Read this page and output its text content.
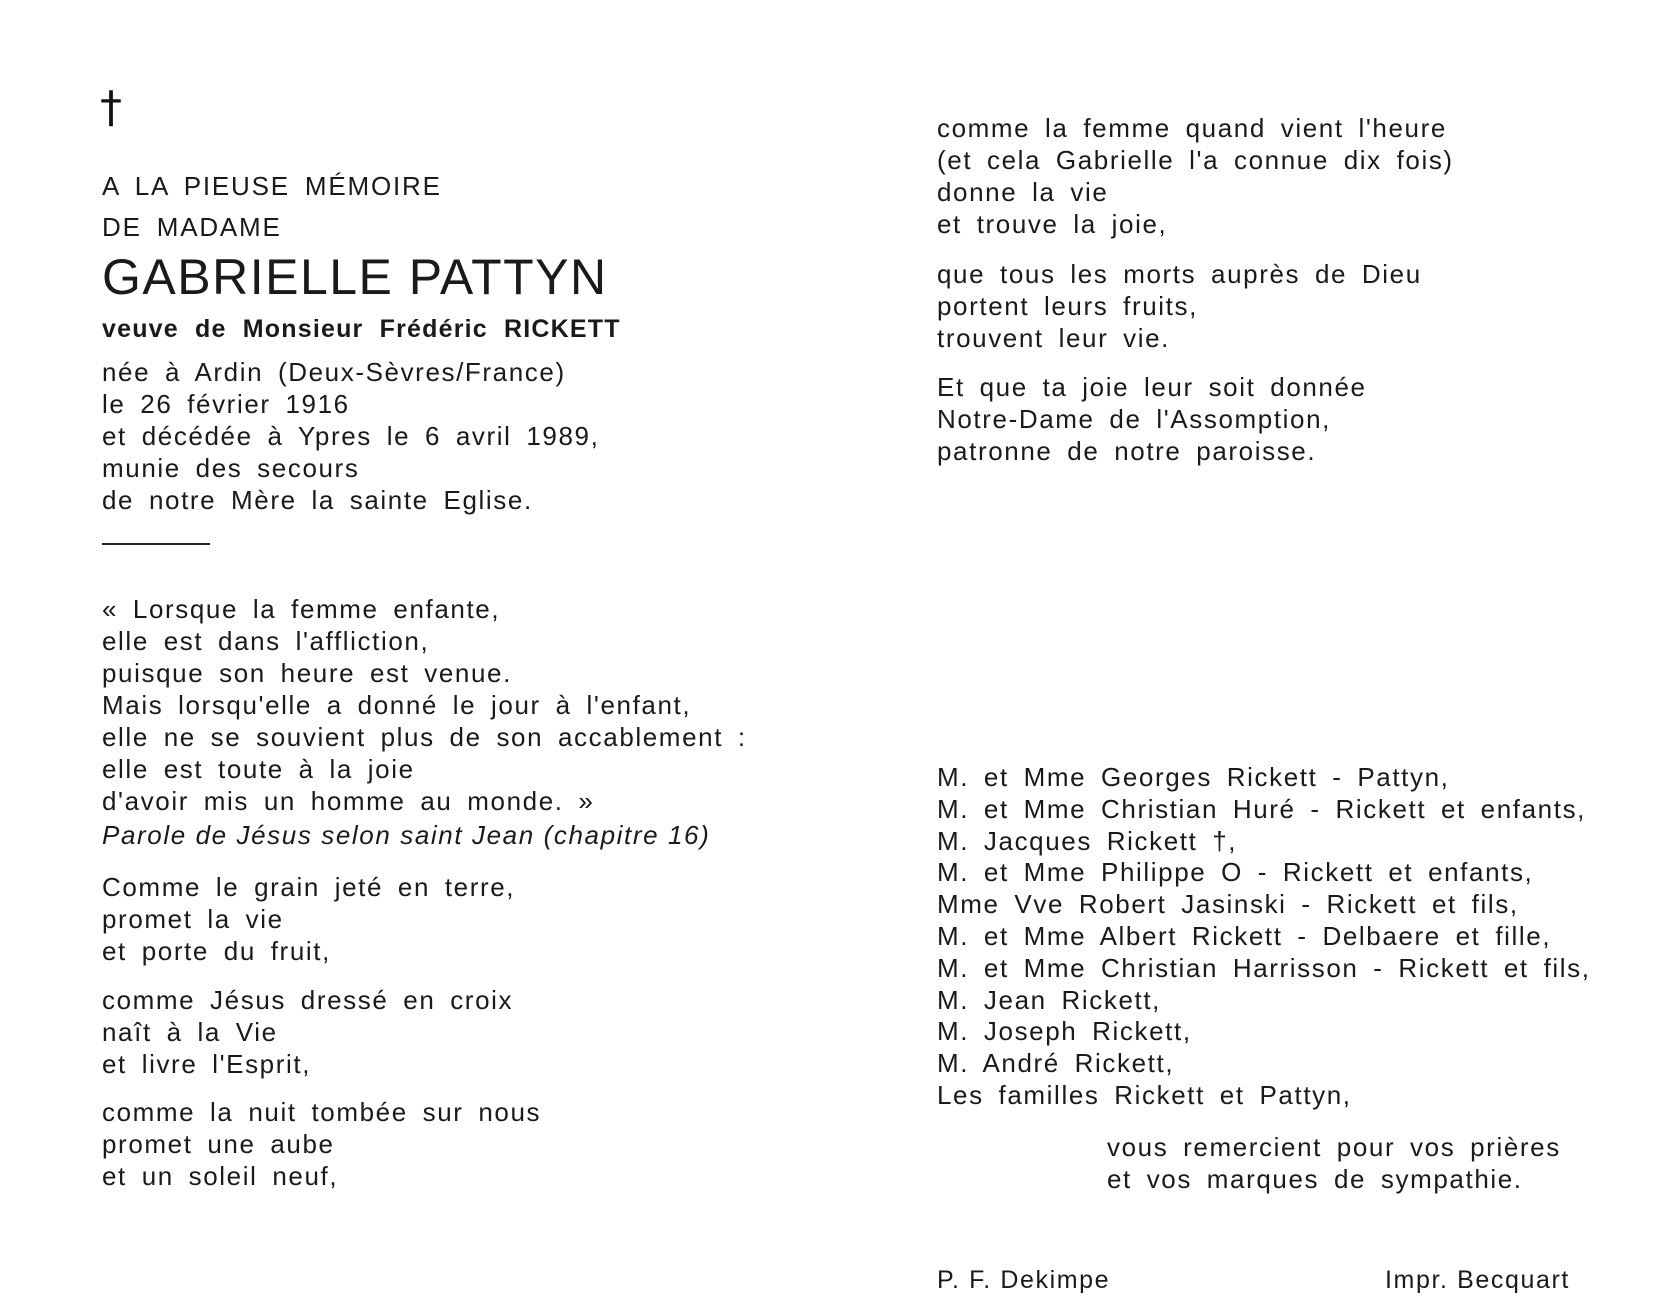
†
A LA PIEUSE MÉMOIRE
DE MADAME
GABRIELLE PATTYN
veuve de Monsieur Frédéric RICKETT
née à Ardin (Deux-Sèvres/France)
le 26 février 1916
et décédée à Ypres le 6 avril 1989,
munie des secours
de notre Mère la sainte Eglise.
« Lorsque la femme enfante,
elle est dans l'affliction,
puisque son heure est venue.
Mais lorsqu'elle a donné le jour à l'enfant,
elle ne se souvient plus de son accablement :
elle est toute à la joie
d'avoir mis un homme au monde. »
Parole de Jésus selon saint Jean (chapitre 16)
Comme le grain jeté en terre,
promet la vie
et porte du fruit,
comme Jésus dressé en croix
naît à la Vie
et livre l'Esprit,
comme la nuit tombée sur nous
promet une aube
et un soleil neuf,
comme la femme quand vient l'heure
(et cela Gabrielle l'a connue dix fois)
donne la vie
et trouve la joie,
que tous les morts auprès de Dieu
portent leurs fruits,
trouvent leur vie.
Et que ta joie leur soit donnée
Notre-Dame de l'Assomption,
patronne de notre paroisse.
M. et Mme Georges Rickett - Pattyn,
M. et Mme Christian Huré - Rickett et enfants,
M. Jacques Rickett †,
M. et Mme Philippe O - Rickett et enfants,
Mme Vve Robert Jasinski - Rickett et fils,
M. et Mme Albert Rickett - Delbaere et fille,
M. et Mme Christian Harrisson - Rickett et fils,
M. Jean Rickett,
M. Joseph Rickett,
M. André Rickett,
Les familles Rickett et Pattyn,
vous remercient pour vos prières
et vos marques de sympathie.
P. F. Dekimpe	Impr. Becquart
